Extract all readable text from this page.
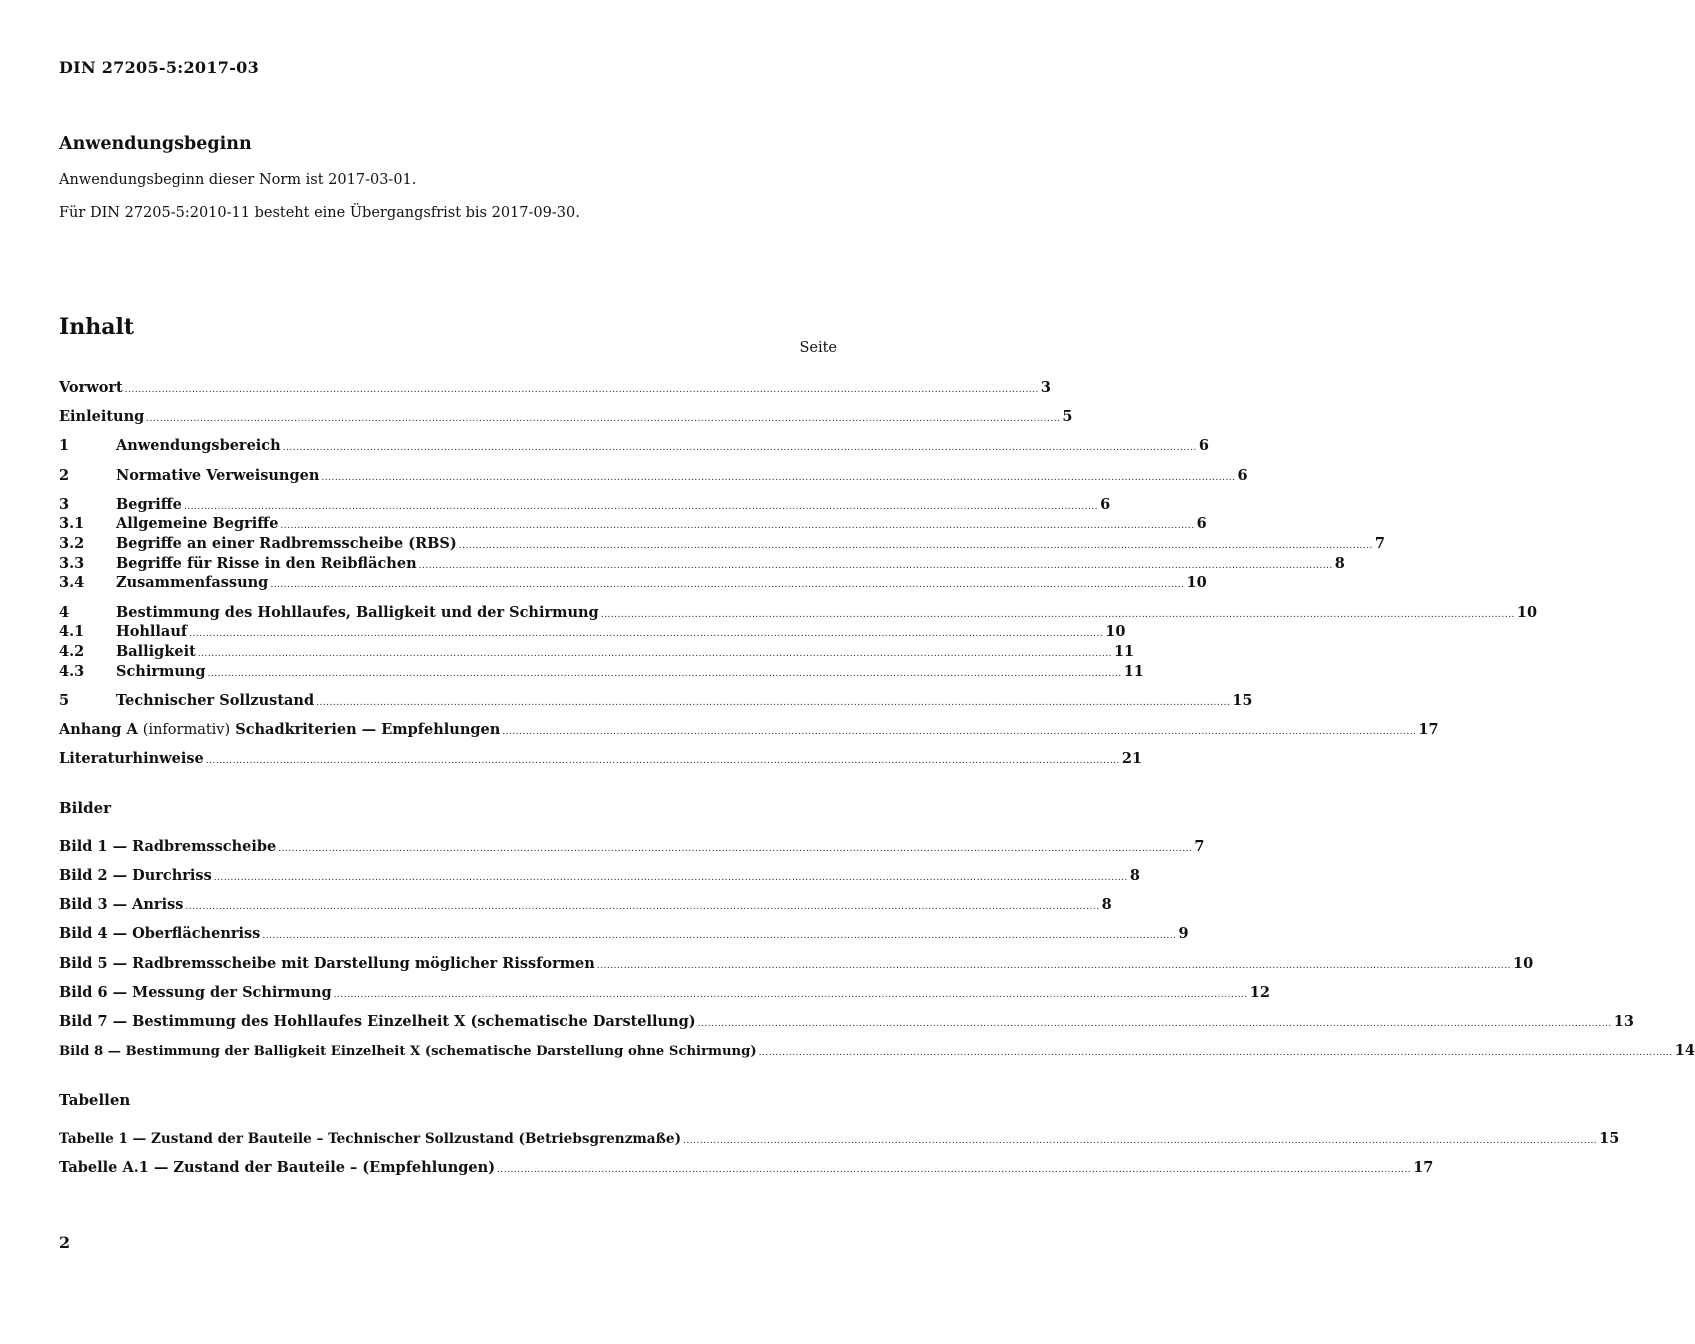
DIN 27205-5:2017-03
Anwendungsbeginn
Anwendungsbeginn dieser Norm ist 2017-03-01.
Für DIN 27205-5:2010-11 besteht eine Übergangsfrist bis 2017-09-30.
Inhalt
Seite
Vorwort ................................................................................................................................................................................................................................................................................ 3
Einleitung ................................................................................................................................................................................................................................................................................ 5
1	Anwendungsbereich ................................................................................................................................................................................................................................................................................ 6
2	Normative Verweisungen ................................................................................................................................................................................................................................................................................ 6
3	Begriffe ................................................................................................................................................................................................................................................................................ 6
3.1	Allgemeine Begriffe ................................................................................................................................................................................................................................................................................ 6
3.2	Begriffe an einer Radbremsscheibe (RBS) ................................................................................................................................................................................................................................................................................ 7
3.3	Begriffe für Risse in den Reibflächen ................................................................................................................................................................................................................................................................................ 8
3.4	Zusammenfassung ................................................................................................................................................................................................................................................................................ 10
4	Bestimmung des Hohllaufes, Balligkeit und der Schirmung ................................................................................................................................................................................................................................................................................ 10
4.1	Hohllauf ................................................................................................................................................................................................................................................................................ 10
4.2	Balligkeit ................................................................................................................................................................................................................................................................................ 11
4.3	Schirmung ................................................................................................................................................................................................................................................................................ 11
5	Technischer Sollzustand ................................................................................................................................................................................................................................................................................ 15
Anhang A (informativ) Schadkriterien — Empfehlungen ................................................................................................................................................................................................................................................................................ 17
Literaturhinweise ................................................................................................................................................................................................................................................................................ 21
Bilder
Bild 1 — Radbremsscheibe ................................................................................................................................................................................................................................................................................ 7
Bild 2 — Durchriss ................................................................................................................................................................................................................................................................................ 8
Bild 3 — Anriss ................................................................................................................................................................................................................................................................................ 8
Bild 4 — Oberflächenriss ................................................................................................................................................................................................................................................................................ 9
Bild 5 — Radbremsscheibe mit Darstellung möglicher Rissformen ................................................................................................................................................................................................................................................................................ 10
Bild 6 — Messung der Schirmung ................................................................................................................................................................................................................................................................................ 12
Bild 7 — Bestimmung des Hohllaufes Einzelheit X (schematische Darstellung) ................................................................................................................................................................................................................................................................................ 13
Bild 8 — Bestimmung der Balligkeit Einzelheit X (schematische Darstellung ohne Schirmung) ................................................................................................................................................................................................................................................................................ 14
Tabellen
Tabelle 1 — Zustand der Bauteile – Technischer Sollzustand (Betriebsgrenzmaße) ................................................................................................................................................................................................................................................................................ 15
Tabelle A.1 — Zustand der Bauteile – (Empfehlungen) ................................................................................................................................................................................................................................................................................ 17
2
